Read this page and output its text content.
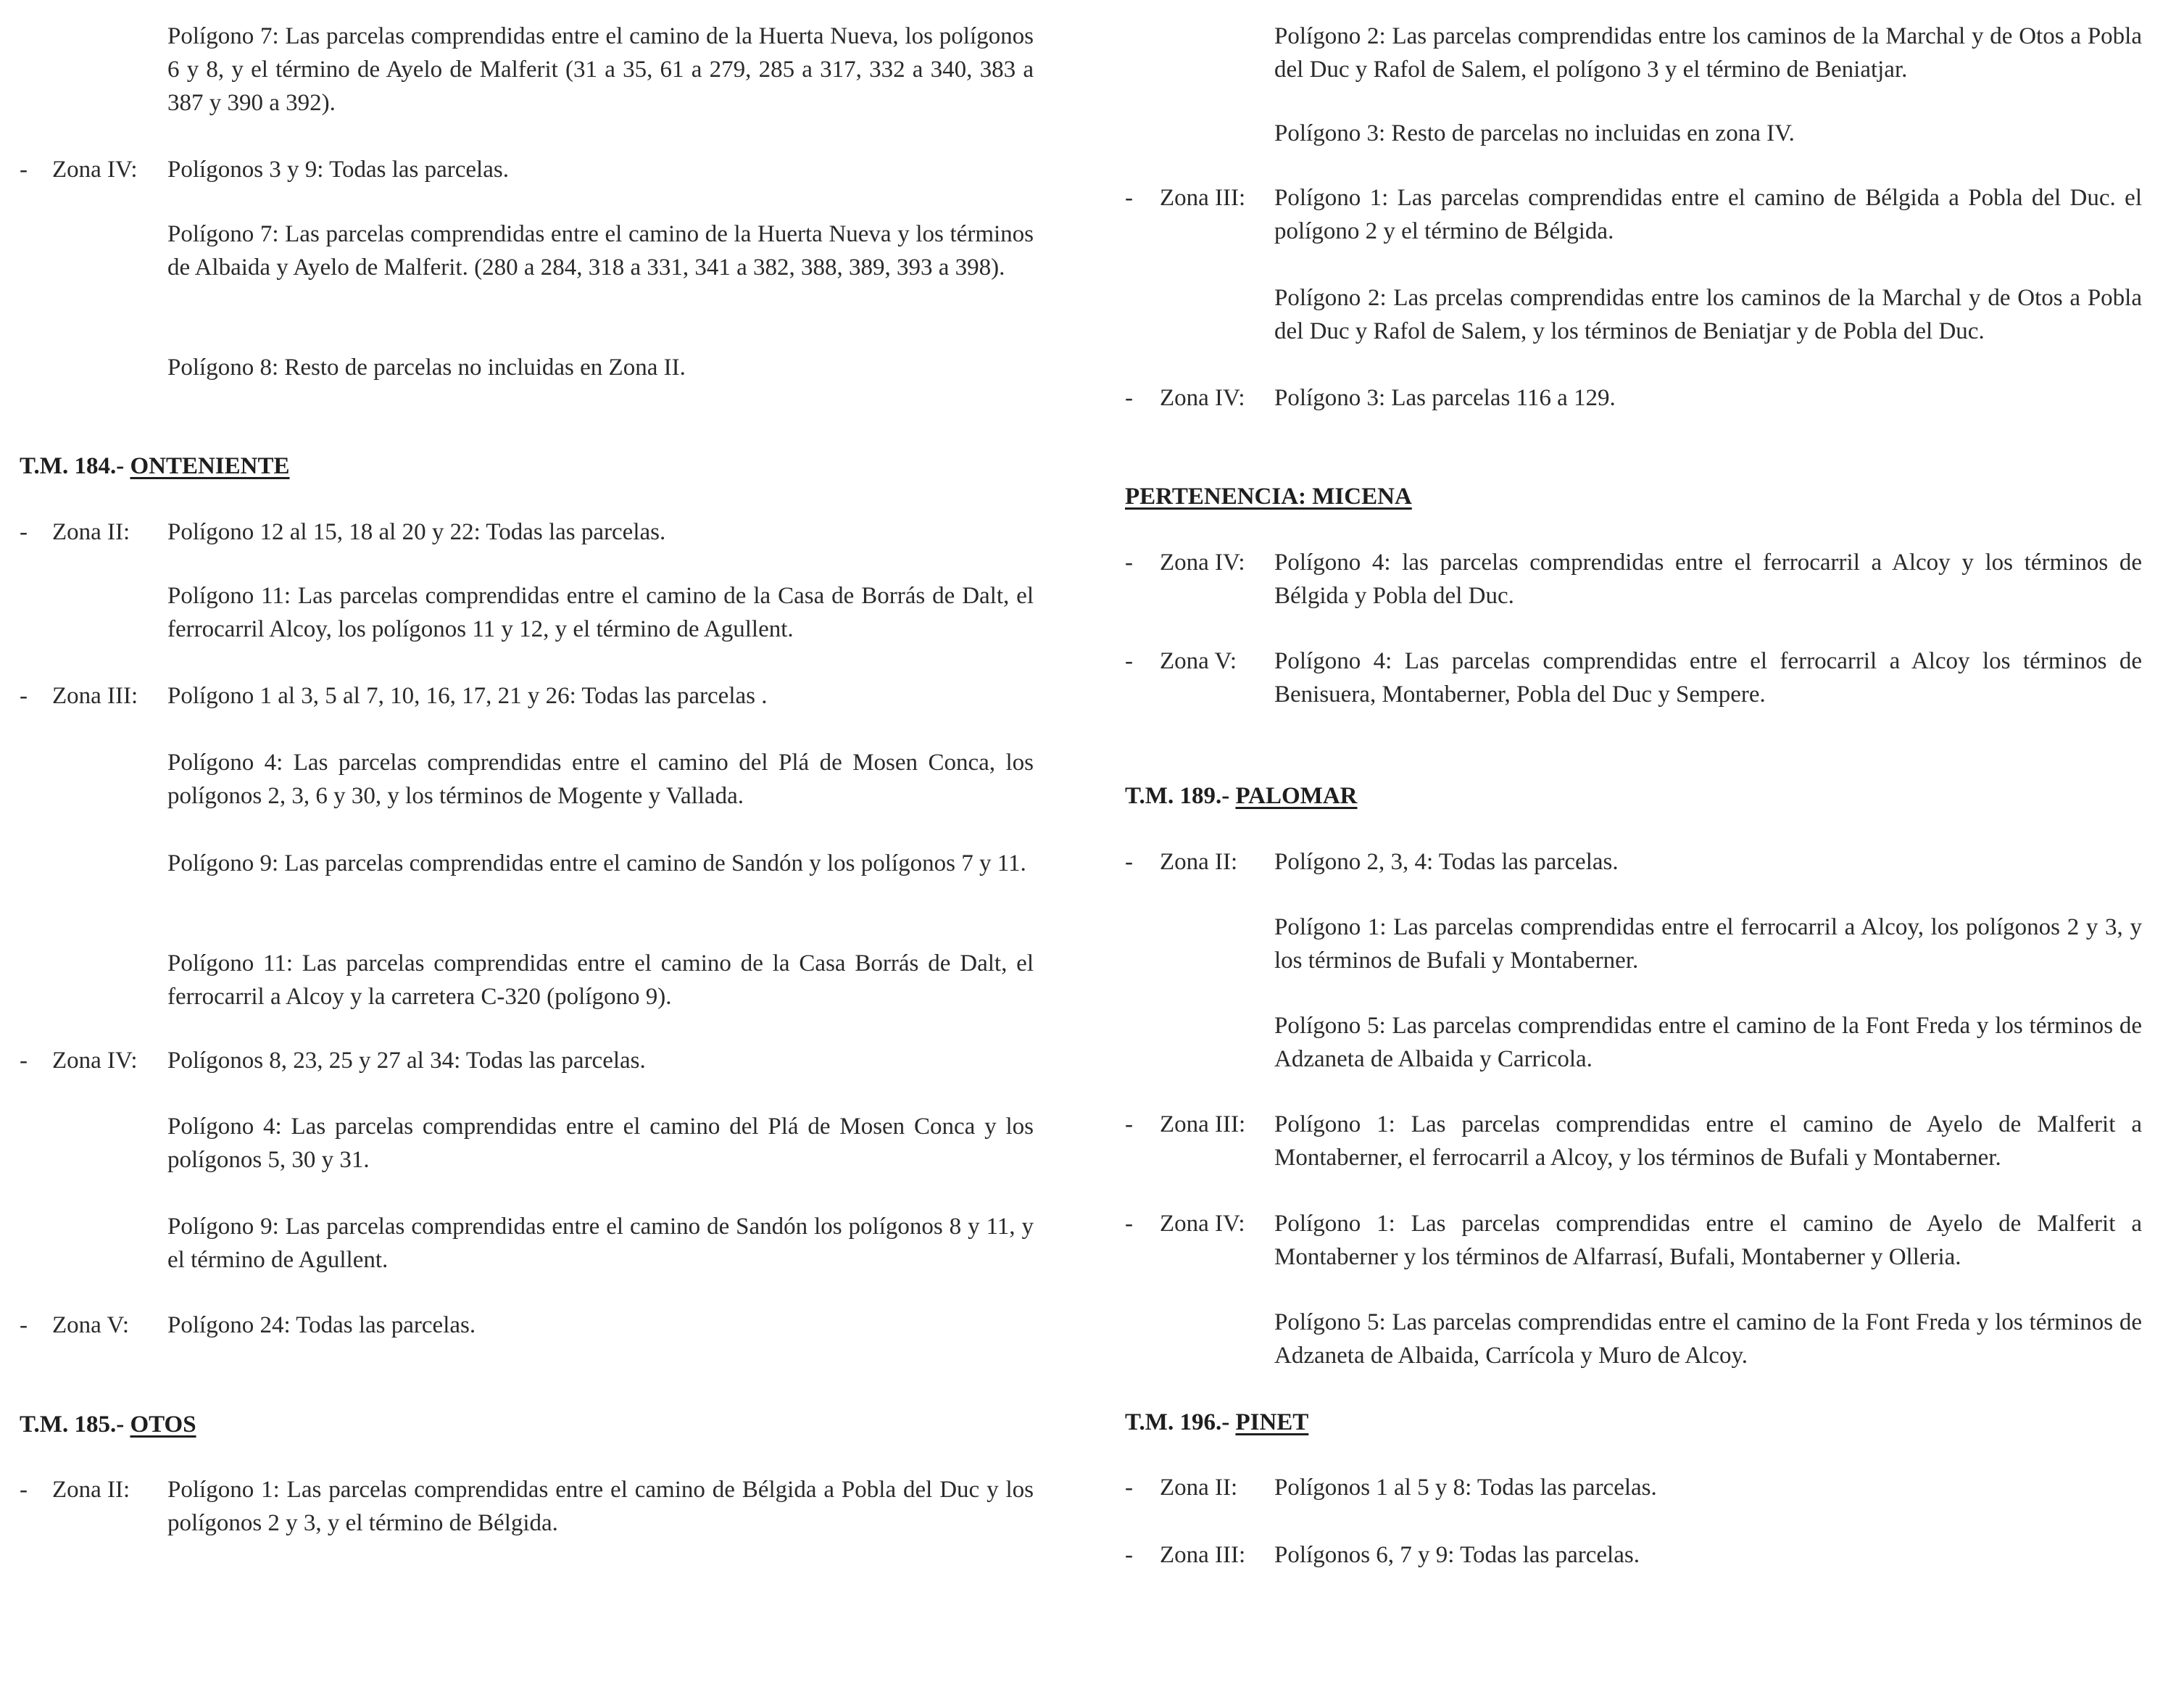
Polígono 7: Las parcelas comprendidas entre el camino de la Huerta Nueva, los polígonos 6 y 8, y el término de Ayelo de Malferit (31 a 35, 61 a 279, 285 a 317, 332 a 340, 383 a 387 y 390 a 392).
- Zona IV: Polígonos 3 y 9: Todas las parcelas.
Polígono 7: Las parcelas comprendidas entre el camino de la Huerta Nueva y los términos de Albaida y Ayelo de Malferit. (280 a 284, 318 a 331, 341 a 382, 388, 389, 393 a 398).
Polígono 8: Resto de parcelas no incluidas en Zona II.
T.M. 184.- ONTENIENTE
- Zona II: Polígono 12 al 15, 18 al 20 y 22: Todas las parcelas.
Polígono 11: Las parcelas comprendidas entre el camino de la Casa de Borrás de Dalt, el ferrocarril Alcoy, los polígonos 11 y 12, y el término de Agullent.
- Zona III: Polígono 1 al 3, 5 al 7, 10, 16, 17, 21 y 26: Todas las parcelas .
Polígono 4: Las parcelas comprendidas entre el camino del Plá de Mosen Conca, los polígonos 2, 3, 6 y 30, y los términos de Mogente y Vallada.
Polígono 9: Las parcelas comprendidas entre el camino de Sandón y los polígonos 7 y 11.
Polígono 11: Las parcelas comprendidas entre el camino de la Casa Borrás de Dalt, el ferrocarril a Alcoy y la carretera C-320 (polígono 9).
- Zona IV: Polígonos 8, 23, 25 y 27 al 34: Todas las parcelas.
Polígono 4: Las parcelas comprendidas entre el camino del Plá de Mosen Conca y los polígonos 5, 30 y 31.
Polígono 9: Las parcelas comprendidas entre el camino de Sandón los polígonos 8 y 11, y el término de Agullent.
- Zona V: Polígono 24: Todas las parcelas.
T.M. 185.- OTOS
- Zona II: Polígono 1: Las parcelas comprendidas entre el camino de Bélgida a Pobla del Duc y los polígonos 2 y 3, y el término de Bélgida.
Polígono 2: Las parcelas comprendidas entre los caminos de la Marchal y de Otos a Pobla del Duc y Rafol de Salem, el polígono 3 y el término de Beniatjar.
Polígono 3: Resto de parcelas no incluidas en zona IV.
- Zona III: Polígono 1: Las parcelas comprendidas entre el camino de Bélgida a Pobla del Duc. el polígono 2 y el término de Bélgida.
Polígono 2: Las prcelas comprendidas entre los caminos de la Marchal y de Otos a Pobla del Duc y Rafol de Salem, y los términos de Beniatjar y de Pobla del Duc.
- Zona IV: Polígono 3: Las parcelas 116 a 129.
PERTENENCIA: MICENA
- Zona IV: Polígono 4: las parcelas comprendidas entre el ferrocarril a Alcoy y los términos de Bélgida y Pobla del Duc.
- Zona V: Polígono 4: Las parcelas comprendidas entre el ferrocarril a Alcoy los términos de Benisuera, Montaberner, Pobla del Duc y Sempere.
T.M. 189.- PALOMAR
- Zona II: Polígono 2, 3, 4: Todas las parcelas.
Polígono 1: Las parcelas comprendidas entre el ferrocarril a Alcoy, los polígonos 2 y 3, y los términos de Bufali y Montaberner.
Polígono 5: Las parcelas comprendidas entre el camino de la Font Freda y los términos de Adzaneta de Albaida y Carricola.
- Zona III: Polígono 1: Las parcelas comprendidas entre el camino de Ayelo de Malferit a Montaberner, el ferrocarril a Alcoy, y los términos de Bufali y Montaberner.
- Zona IV: Polígono 1: Las parcelas comprendidas entre el camino de Ayelo de Malferit a Montaberner y los términos de Alfarrasí, Bufali, Montaberner y Olleria.
Polígono 5: Las parcelas comprendidas entre el camino de la Font Freda y los términos de Adzaneta de Albaida, Carrícola y Muro de Alcoy.
T.M. 196.- PINET
- Zona II: Polígonos 1 al 5 y 8: Todas las parcelas.
- Zona III: Polígonos 6, 7 y 9: Todas las parcelas.
